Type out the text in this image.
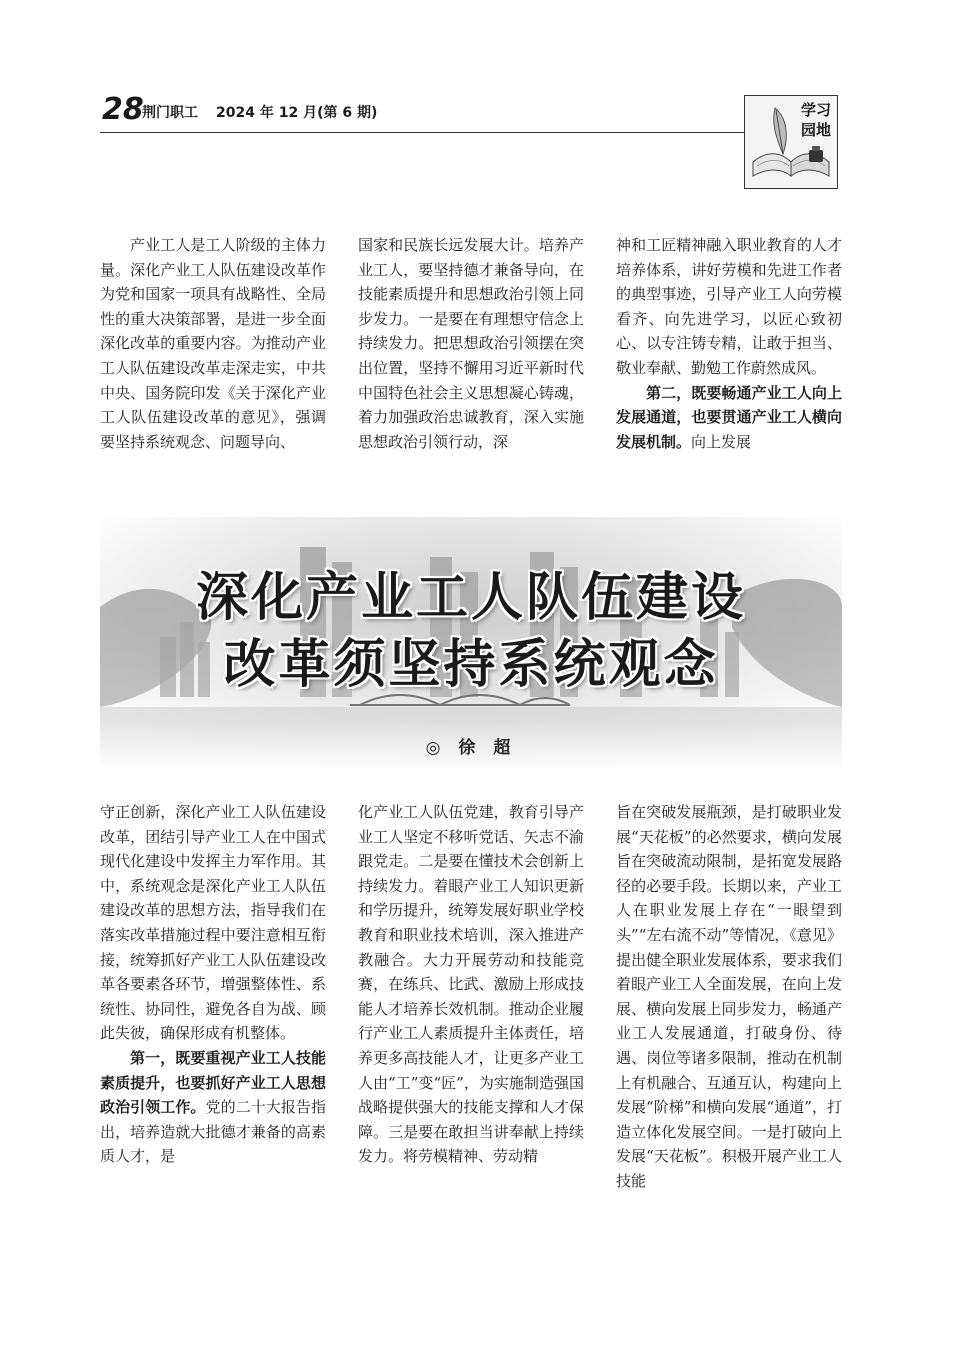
28
荆门职工 2024 年 12 月(第 6 期)	学习
园地

产业工人是工人阶级的主体力量。深化产业工人队伍建设改革作为党和国家一项具有战略性、全局性的重大决策部署，是进一步全面深化改革的重要内容。为推动产业工人队伍建设改革走深走实，中共中央、国务院印发《关于深化产业工人队伍建设改革的意见》，强调要坚持系统观念、问题导向、

国家和民族长远发展大计。培养产业工人，要坚持德才兼备导向，在技能素质提升和思想政治引领上同步发力。一是要在有理想守信念上持续发力。把思想政治引领摆在突出位置，坚持不懈用习近平新时代中国特色社会主义思想凝心铸魂，着力加强政治忠诚教育，深入实施思想政治引领行动，深

神和工匠精神融入职业教育的人才培养体系，讲好劳模和先进工作者的典型事迹，引导产业工人向劳模看齐、向先进学习，以匠心致初心、以专注铸专精，让敢于担当、敬业奉献、勤勉工作蔚然成风。

第二，既要畅通产业工人向上发展通道，也要贯通产业工人横向发展机制。向上发展

深化产业工人队伍建设
改革须坚持系统观念
◎ 徐 超

守正创新，深化产业工人队伍建设改革，团结引导产业工人在中国式现代化建设中发挥主力军作用。其中，系统观念是深化产业工人队伍建设改革的思想方法，指导我们在落实改革措施过程中要注意相互衔接，统筹抓好产业工人队伍建设改革各要素各环节，增强整体性、系统性、协同性，避免各自为战、顾此失彼，确保形成有机整体。

第一，既要重视产业工人技能素质提升，也要抓好产业工人思想政治引领工作。党的二十大报告指出，培养造就大批德才兼备的高素质人才，是

化产业工人队伍党建，教育引导产业工人坚定不移听党话、矢志不渝跟党走。二是要在懂技术会创新上持续发力。着眼产业工人知识更新和学历提升，统筹发展好职业学校教育和职业技术培训，深入推进产教融合。大力开展劳动和技能竞赛，在练兵、比武、激励上形成技能人才培养长效机制。推动企业履行产业工人素质提升主体责任，培养更多高技能人才，让更多产业工人由“工”变“匠”，为实施制造强国战略提供强大的技能支撑和人才保障。三是要在敢担当讲奉献上持续发力。将劳模精神、劳动精

旨在突破发展瓶颈，是打破职业发展“天花板”的必然要求，横向发展旨在突破流动限制，是拓宽发展路径的必要手段。长期以来，产业工人在职业发展上存在“一眼望到头”“左右流不动”等情况，《意见》提出健全职业发展体系，要求我们着眼产业工人全面发展，在向上发展、横向发展上同步发力，畅通产业工人发展通道，打破身份、待遇、岗位等诸多限制，推动在机制上有机融合、互通互认，构建向上发展“阶梯”和横向发展“通道”，打造立体化发展空间。一是打破向上发展“天花板”。积极开展产业工人技能
